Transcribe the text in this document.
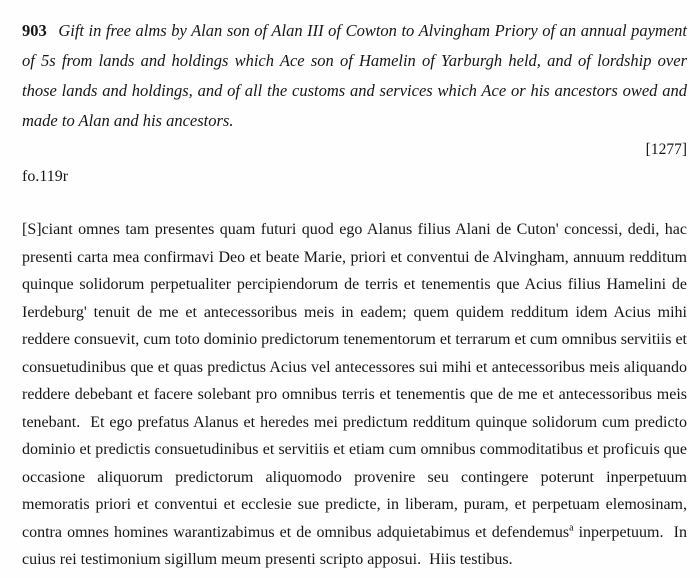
903 Gift in free alms by Alan son of Alan III of Cowton to Alvingham Priory of an annual payment of 5s from lands and holdings which Ace son of Hamelin of Yarburgh held, and of lordship over those lands and holdings, and of all the customs and services which Ace or his ancestors owed and made to Alan and his ancestors.

[1277]
fo.119r

[S]ciant omnes tam presentes quam futuri quod ego Alanus filius Alani de Cuton' concessi, dedi, hac presenti carta mea confirmavi Deo et beate Marie, priori et conventui de Alvingham, annuum redditum quinque solidorum perpetualiter percipiendorum de terris et tenementis que Acius filius Hamelini de Ierdeburg' tenuit de me et antecessoribus meis in eadem; quem quidem redditum idem Acius mihi reddere consuevit, cum toto dominio predictorum tenementorum et terrarum et cum omnibus servitiis et consuetudinibus que et quas predictus Acius vel antecessores sui mihi et antecessoribus meis aliquando reddere debebant et facere solebant pro omnibus terris et tenementis que de me et antecessoribus meis tenebant.  Et ego prefatus Alanus et heredes mei predictum redditum quinque solidorum cum predicto dominio et predictis consuetudinibus et servitiis et etiam cum omnibus commoditatibus et proficuis que occasione aliquorum predictorum aliquomodo provenire seu contingere poterunt inperpetuum memoratis priori et conventui et ecclesie sue predicte, in liberam, puram, et perpetuam elemosinam, contra omnes homines warantizabimus et de omnibus adquietabimus et defendemus$^a$ inperpetuum.  In cuius rei testimonium sigillum meum presenti scripto apposui.  Hiis testibus.
